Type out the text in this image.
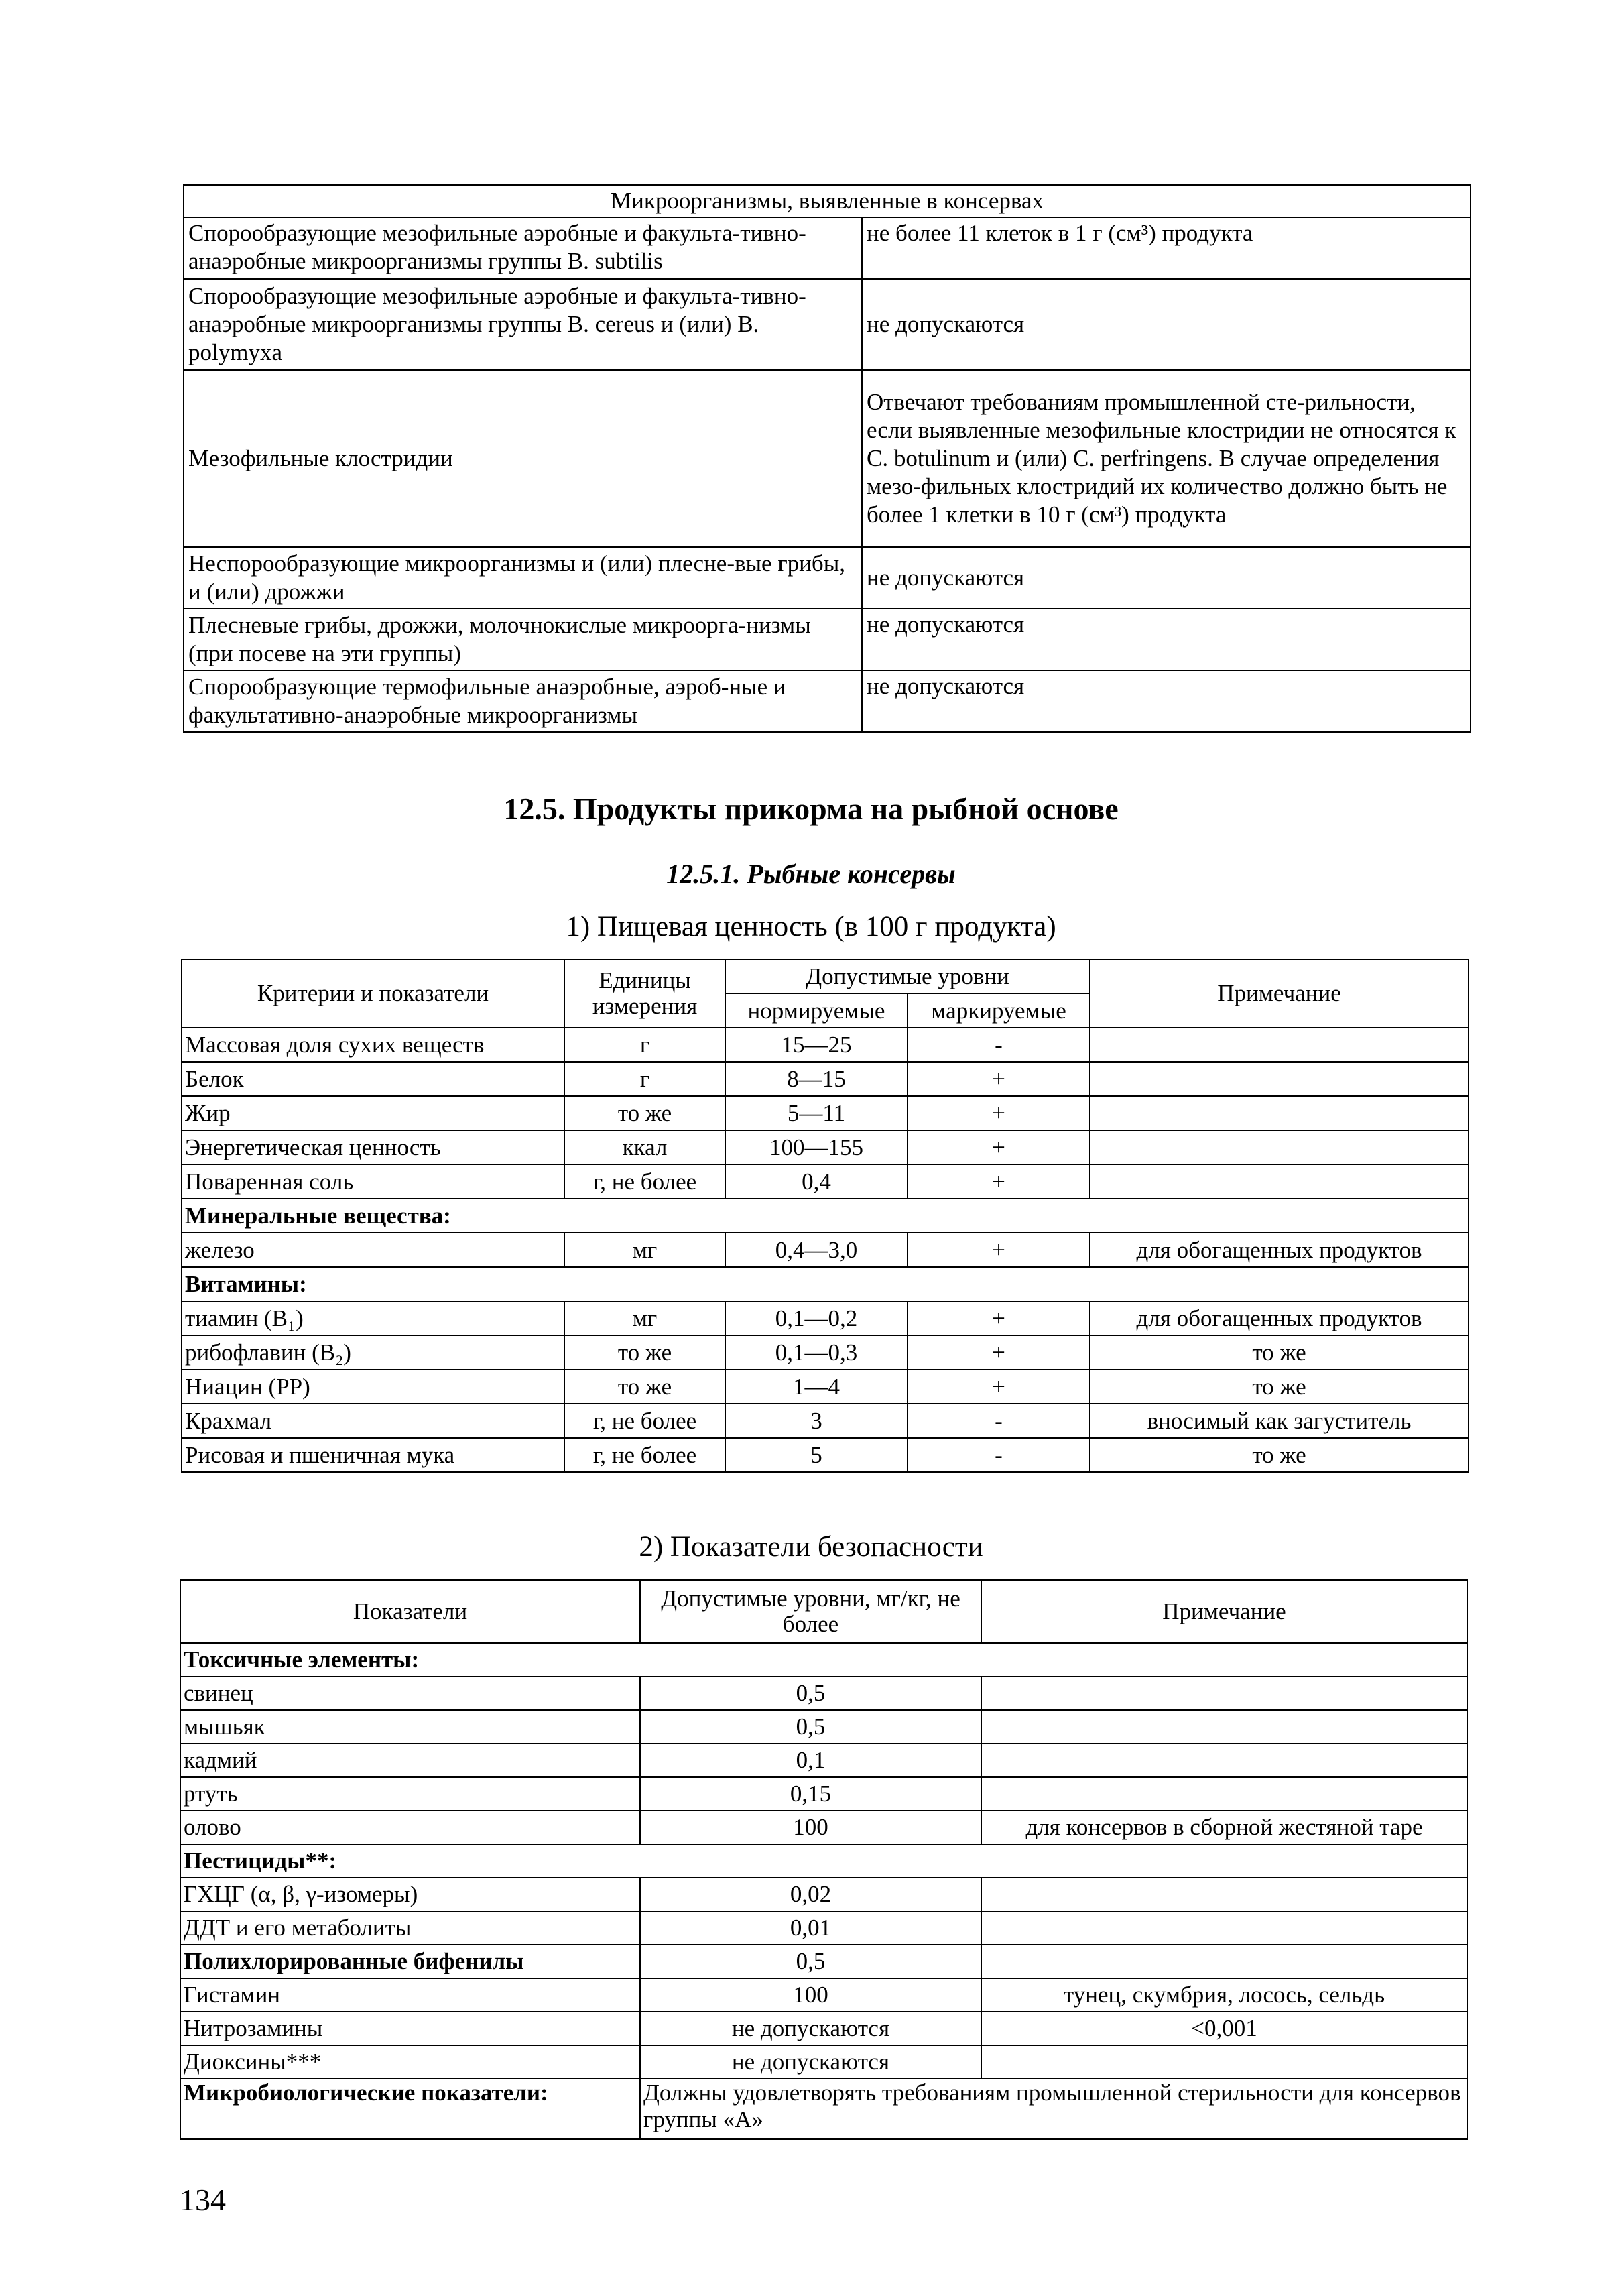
Микроорганизмы, выявленные в консервах	
Спорообразующие мезофильные аэробные и факульта-тивно-анаэробные микроорганизмы группы B. subtilis	не более 11 клеток в 1 г (см³) продукта
Спорообразующие мезофильные аэробные и факульта-тивно-анаэробные микроорганизмы группы B. cereus и (или) B. polymyxa	не допускаются
Мезофильные клостридии	Отвечают требованиям промышленной сте-рильности, если выявленные мезофильные клостридии не относятся к C. botulinum и (или) C. perfringens. В случае определения мезо-фильных клостридий их количество должно быть не более 1 клетки в 10 г (см³) продукта
Неспорообразующие микроорганизмы и (или) плесне-вые грибы, и (или) дрожжи	не допускаются
Плесневые грибы, дрожжи, молочнокислые микроорга-низмы (при посеве на эти группы)	не допускаются
Спорообразующие термофильные анаэробные, аэроб-ные и факультативно-анаэробные микроорганизмы	не допускаются
12.5. Продукты прикорма на рыбной основе
12.5.1. Рыбные консервы
1) Пищевая ценность (в 100 г продукта)
Критерии и показатели	Единицы измерения	Допустимые уровни		Примечание
		нормируемые	маркируемые	
Массовая доля сухих веществ	г	15—25	-	
Белок	г	8—15	+	
Жир	то же	5—11	+	
Энергетическая ценность	ккал	100—155	+	
Поваренная соль	г, не более	0,4	+	
Минеральные вещества:				
железо	мг	0,4—3,0	+	для обогащенных продуктов
Витамины:				
тиамин (B₁)	мг	0,1—0,2	+	для обогащенных продуктов
рибофлавин (B₂)	то же	0,1—0,3	+	то же
Ниацин (PP)	то же	1—4	+	то же
Крахмал	г, не более	3	-	вносимый как загуститель
Рисовая и пшеничная мука	г, не более	5	-	то же
2) Показатели безопасности
Показатели	Допустимые уровни, мг/кг, не более	Примечание
Токсичные элементы:		
свинец	0,5	
мышьяк	0,5	
кадмий	0,1	
ртуть	0,15	
олово	100	для консервов в сборной жестяной таре
Пестициды**:		
ГХЦГ (α, β, γ-изомеры)	0,02	
ДДТ и его метаболиты	0,01	
Полихлорированные бифенилы	0,5	
Гистамин	100	тунец, скумбрия, лосось, сельдь
Нитрозамины	не допускаются	<0,001
Диоксины***	не допускаются	
Микробиологические показатели:	Должны удовлетворять требованиям промышленной стерильности для консервов группы «А»	
134
